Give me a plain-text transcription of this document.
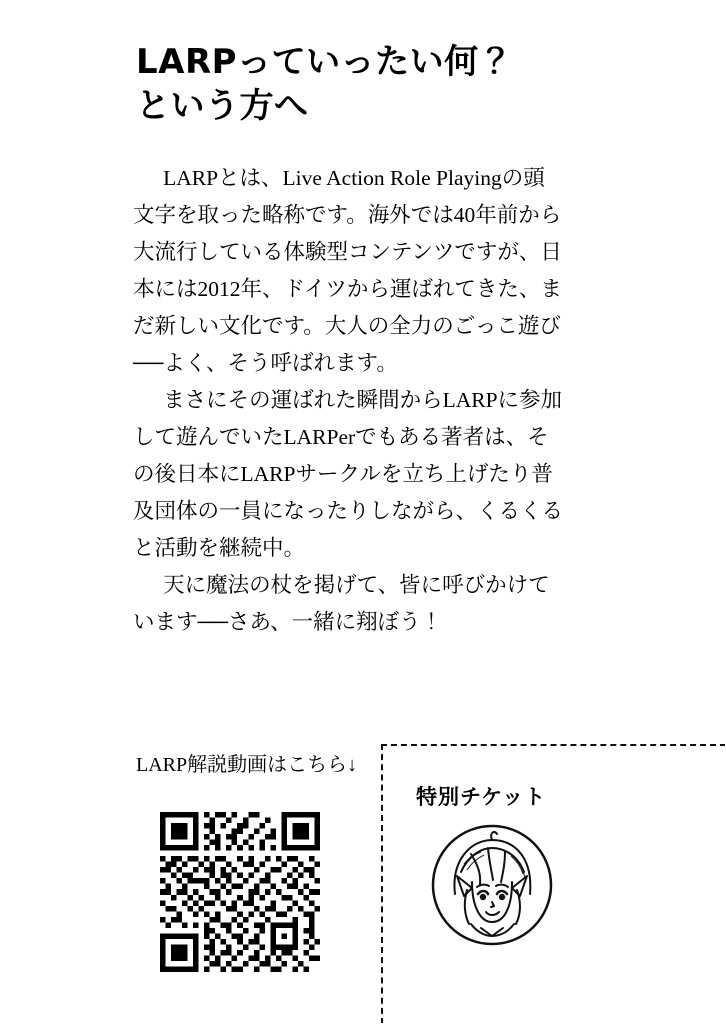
LARPっていったい何？
という方へ

LARPとは、Live Action Role Playingの頭文字を取った略称です。海外では40年前から大流行している体験型コンテンツですが、日本には2012年、ドイツから運ばれてきた、まだ新しい文化です。大人の全力のごっこ遊び──よく、そう呼ばれます。

まさにその運ばれた瞬間からLARPに参加して遊んでいたLARPerでもある著者は、その後日本にLARPサークルを立ち上げたり普及団体の一員になったりしながら、くるくると活動を継続中。

天に魔法の杖を掲げて、皆に呼びかけています──さあ、一緒に翔ぼう！

LARP解説動画はこちら↓
特別チケット
